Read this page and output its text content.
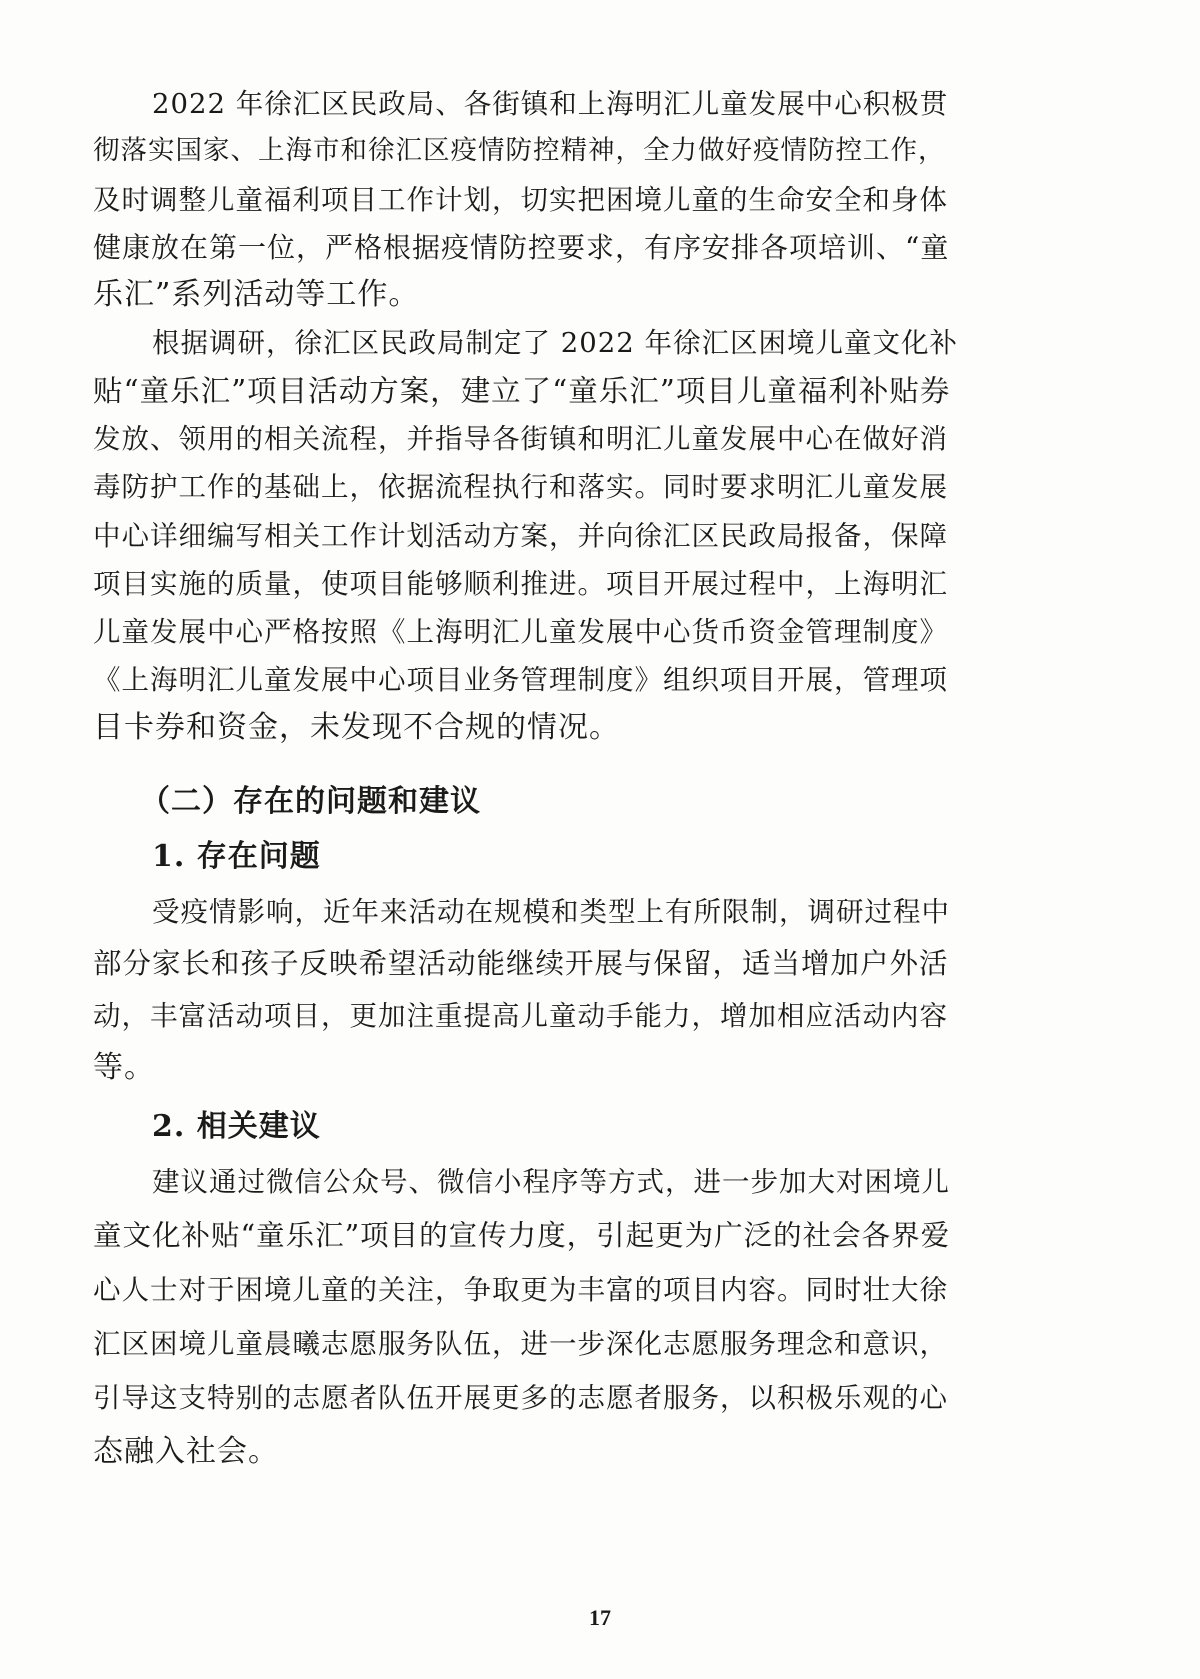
2022 年徐汇区民政局、各街镇和上海明汇儿童发展中心积极贯
彻落实国家、上海市和徐汇区疫情防控精神，全力做好疫情防控工作，
及时调整儿童福利项目工作计划，切实把困境儿童的生命安全和身体
健康放在第一位，严格根据疫情防控要求，有序安排各项培训、“童
乐汇”系列活动等工作。
根据调研，徐汇区民政局制定了 2022 年徐汇区困境儿童文化补
贴“童乐汇”项目活动方案，建立了“童乐汇”项目儿童福利补贴券
发放、领用的相关流程，并指导各街镇和明汇儿童发展中心在做好消
毒防护工作的基础上，依据流程执行和落实。同时要求明汇儿童发展
中心详细编写相关工作计划活动方案，并向徐汇区民政局报备，保障
项目实施的质量，使项目能够顺利推进。项目开展过程中，上海明汇
儿童发展中心严格按照《上海明汇儿童发展中心货币资金管理制度》
《上海明汇儿童发展中心项目业务管理制度》组织项目开展，管理项
目卡券和资金，未发现不合规的情况。
（二）存在的问题和建议
1. 存在问题
受疫情影响，近年来活动在规模和类型上有所限制，调研过程中
部分家长和孩子反映希望活动能继续开展与保留，适当增加户外活
动，丰富活动项目，更加注重提高儿童动手能力，增加相应活动内容
等。
2. 相关建议
建议通过微信公众号、微信小程序等方式，进一步加大对困境儿
童文化补贴“童乐汇”项目的宣传力度，引起更为广泛的社会各界爱
心人士对于困境儿童的关注，争取更为丰富的项目内容。同时壮大徐
汇区困境儿童晨曦志愿服务队伍，进一步深化志愿服务理念和意识，
引导这支特别的志愿者队伍开展更多的志愿者服务，以积极乐观的心
态融入社会。
17
